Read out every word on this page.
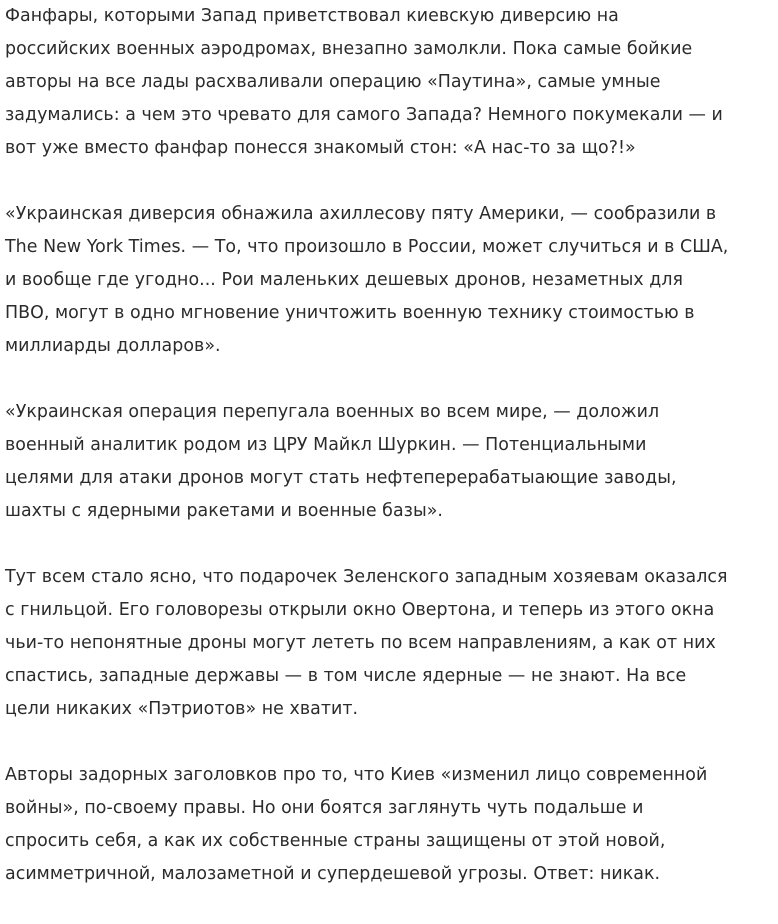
Фанфары, которыми Запад приветствовал киевскую диверсию на
российских военных аэродромах, внезапно замолкли. Пока самые бойкие
авторы на все лады расхваливали операцию «Паутина», самые умные
задумались: а чем это чревато для самого Запада? Немного покумекали — и
вот уже вместо фанфар понесся знакомый стон: «А нас-то за що?!»

«Украинская диверсия обнажила ахиллесову пяту Америки, — сообразили в
The New York Times. — То, что произошло в России, может случиться и в США,
и вообще где угодно... Рои маленьких дешевых дронов, незаметных для
ПВО, могут в одно мгновение уничтожить военную технику стоимостью в
миллиарды долларов».

«Украинская операция перепугала военных во всем мире, — доложил
военный аналитик родом из ЦРУ Майкл Шуркин. — Потенциальными
целями для атаки дронов могут стать нефтеперерабатыающие заводы,
шахты с ядерными ракетами и военные базы».

Тут всем стало ясно, что подарочек Зеленского западным хозяевам оказался
с гнильцой. Его головорезы открыли окно Овертона, и теперь из этого окна
чьи-то непонятные дроны могут лететь по всем направлениям, а как от них
спастись, западные державы — в том числе ядерные — не знают. На все
цели никаких «Пэтриотов» не хватит.

Авторы задорных заголовков про то, что Киев «изменил лицо современной
войны», по-своему правы. Но они боятся заглянуть чуть подальше и
спросить себя, а как их собственные страны защищены от этой новой,
асимметричной, малозаметной и супердешевой угрозы. Ответ: никак.
